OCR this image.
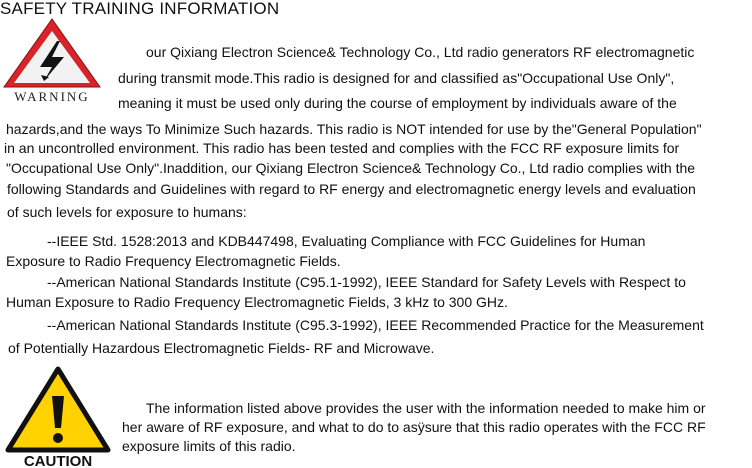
SAFETY TRAINING INFORMATION
WARNING
our Qixiang Electron Science& Technology Co., Ltd radio generators RF electromagnetic
during transmit mode.This radio is designed for and classified as"Occupational Use Only",
meaning it must be used only during the course of employment by individuals aware of the
hazards,and the ways To Minimize Such hazards. This radio is NOT intended for use by the"General Population"
in an uncontrolled environment. This radio has been tested and complies with the FCC RF exposure limits for
"Occupational Use Only".Inaddition, our Qixiang Electron Science& Technology Co., Ltd radio complies with the
following Standards and Guidelines with regard to RF energy and electromagnetic energy levels and evaluation
of such levels for exposure to humans:
--IEEE Std. 1528:2013 and KDB447498, Evaluating Compliance with FCC Guidelines for Human
Exposure to Radio Frequency Electromagnetic Fields.
--American National Standards Institute (C95.1-1992), IEEE Standard for Safety Levels with Respect to
Human Exposure to Radio Frequency Electromagnetic Fields, 3 kHz to 300 GHz.
--American National Standards Institute (C95.3-1992), IEEE Recommended Practice for the Measurement
of Potentially Hazardous Electromagnetic Fields- RF and Microwave.
CAUTION
The information listed above provides the user with the information needed to make him or
her aware of RF exposure, and what to do to asÿsure that this radio operates with the FCC RF
exposure limits of this radio.
